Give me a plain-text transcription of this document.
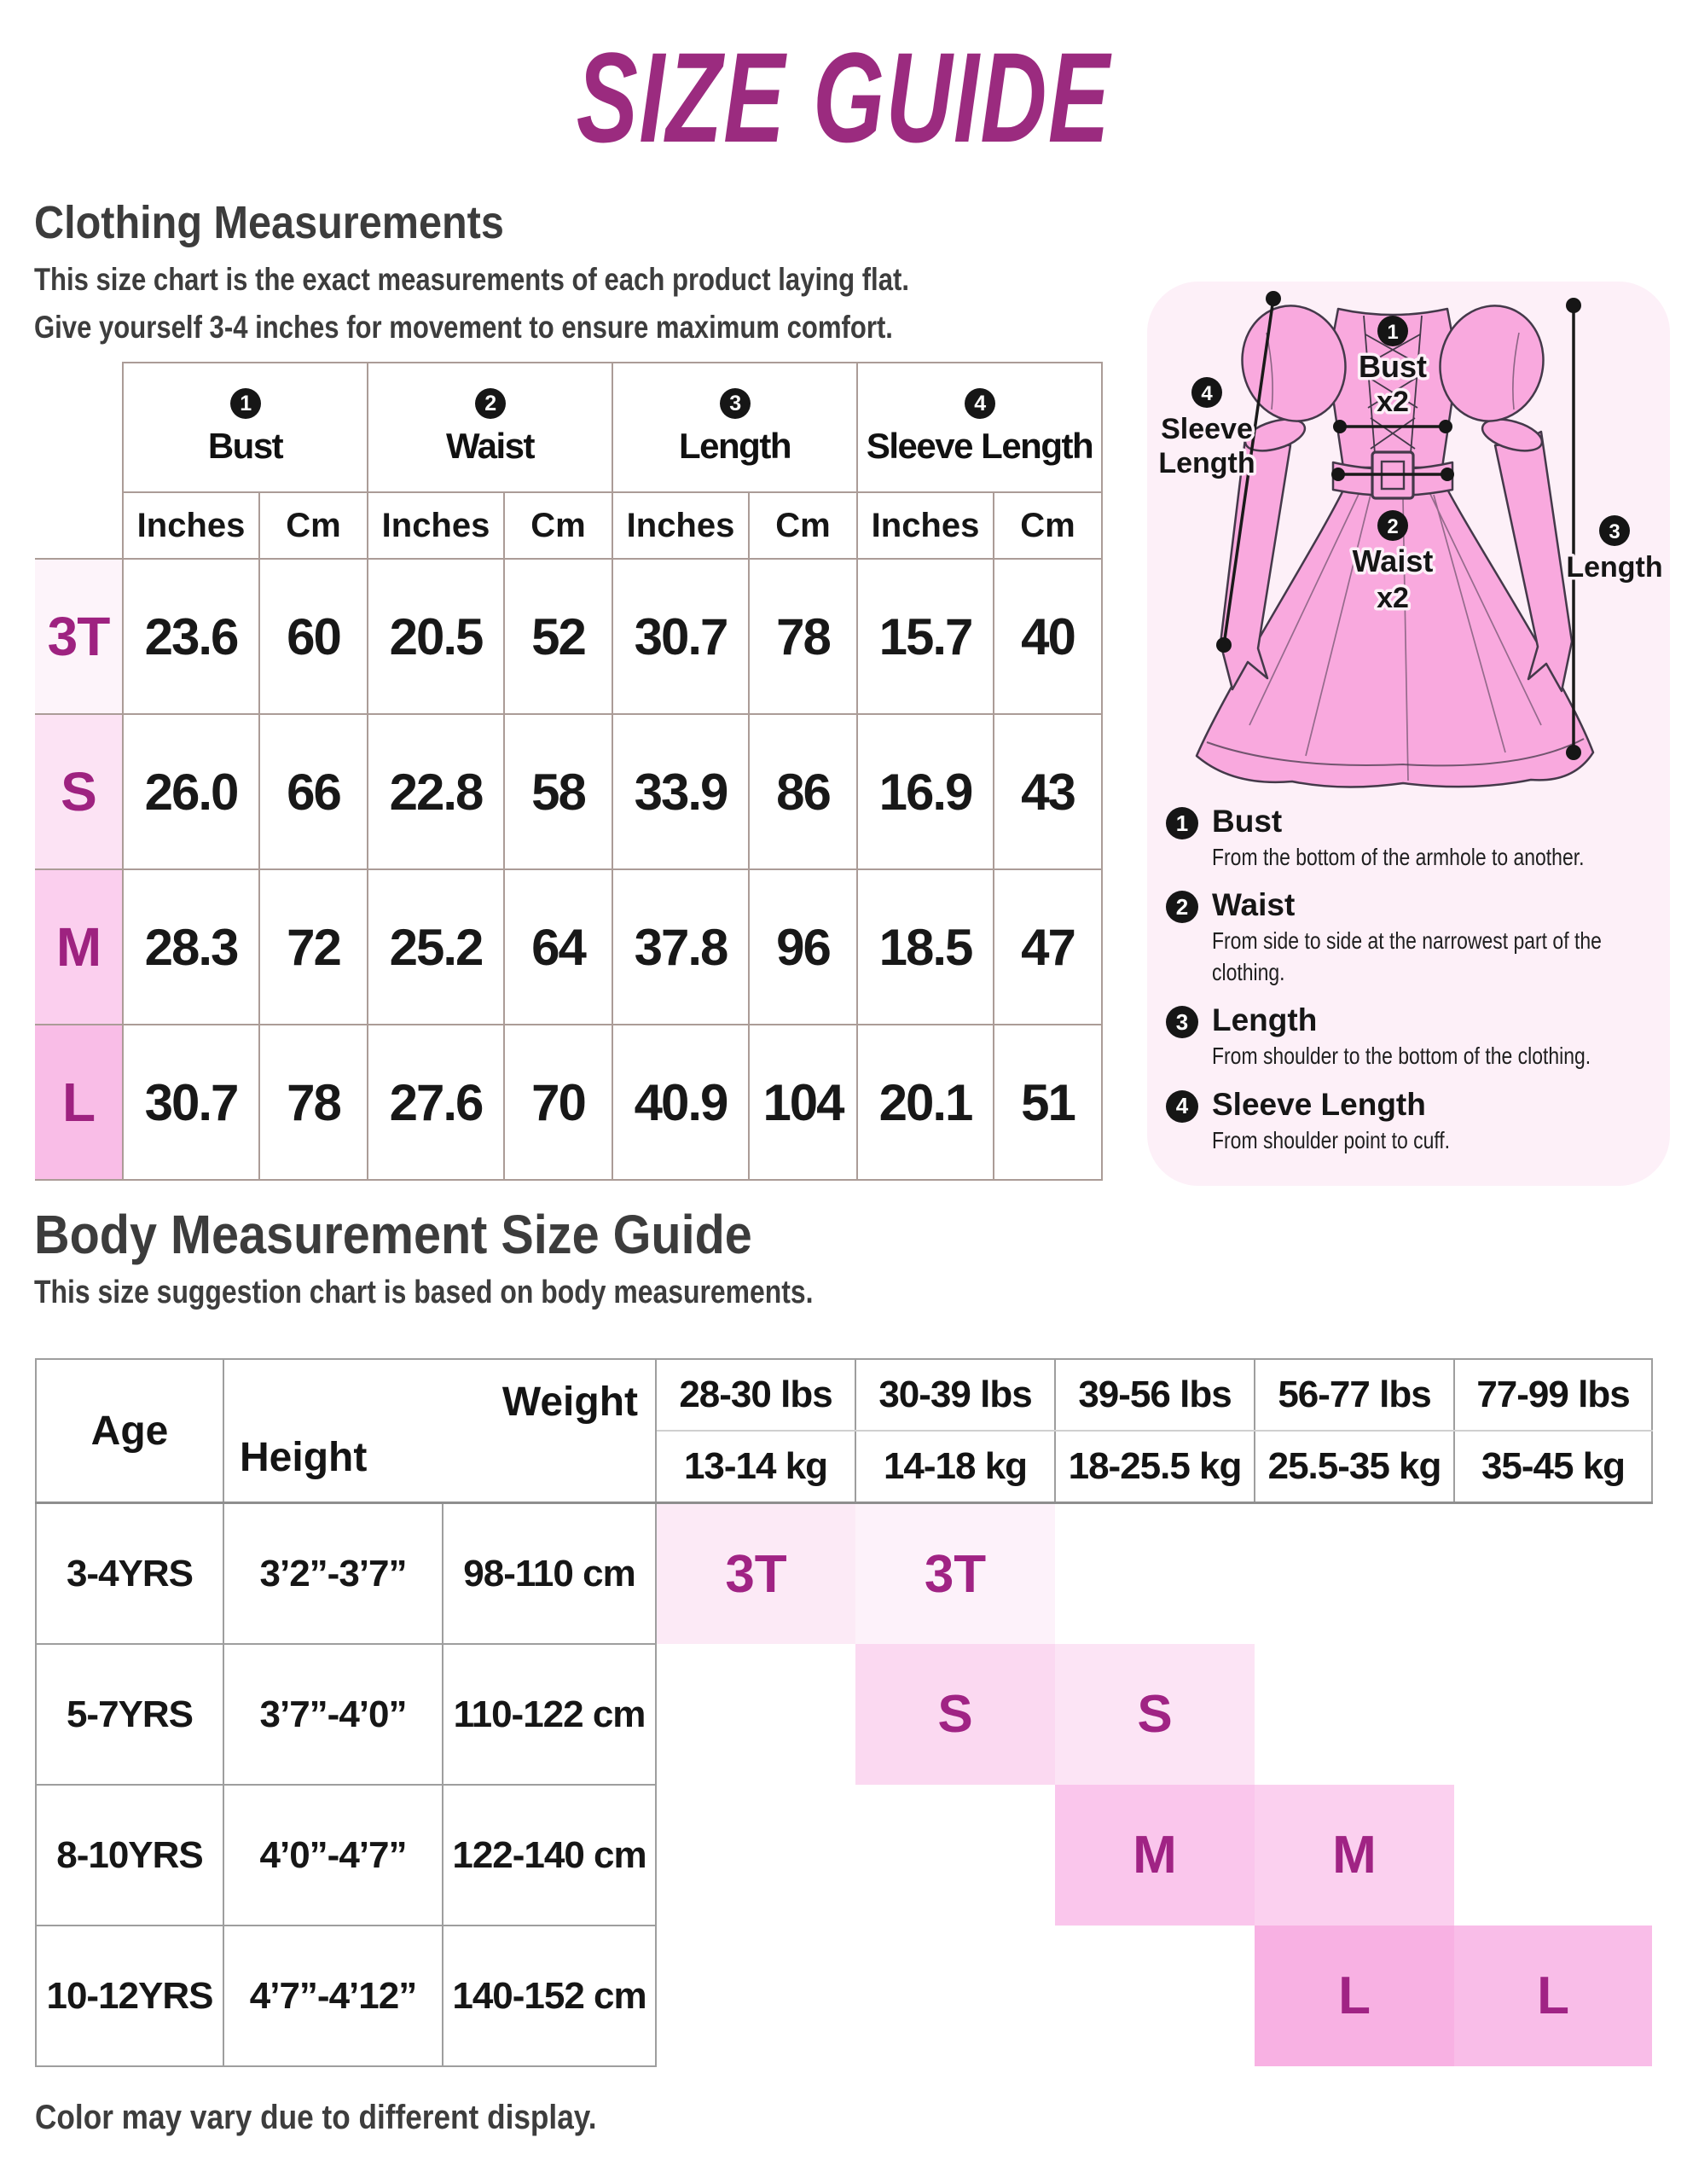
SIZE GUIDE
Clothing Measurements
This size chart is the exact measurements of each product laying flat.
Give yourself 3-4 inches for movement to ensure maximum comfort.

1
Bust		2
Waist		3
Length		4
Sleeve Length	

	Inches	Cm	Inches	Cm	Inches	Cm	Inches	Cm
3T	23.6	60	20.5	52	30.7	78	15.7	40
S	26.0	66	22.8	58	33.9	86	16.9	43
M	28.3	72	25.2	64	37.8	96	18.5	47
L	30.7	78	27.6	70	40.9	104	20.1	51
1
Bust
x2
2
Waist
x2
4
Sleeve
Length
3
Length
1 Bust
From the bottom of the armhole to another.
2 Waist
From side to side at the narrowest part of the clothing.
3 Length
From shoulder to the bottom of the clothing.
4 Sleeve Length
From shoulder point to cuff.
Body Measurement Size Guide
This size suggestion chart is based on body measurements.
Age	Weight
Height		28-30 lbs	30-39 lbs	39-56 lbs	56-77 lbs	77-99 lbs
			13-14 kg	14-18 kg	18-25.5 kg	25.5-35 kg	35-45 kg
3-4YRS	3’2”-3’7”	98-110 cm	3T	3T			
5-7YRS	3’7”-4’0”	110-122 cm		S	S		
8-10YRS	4’0”-4’7”	122-140 cm			M	M	
10-12YRS	4’7”-4’12”	140-152 cm				L	L
Color may vary due to different display.
